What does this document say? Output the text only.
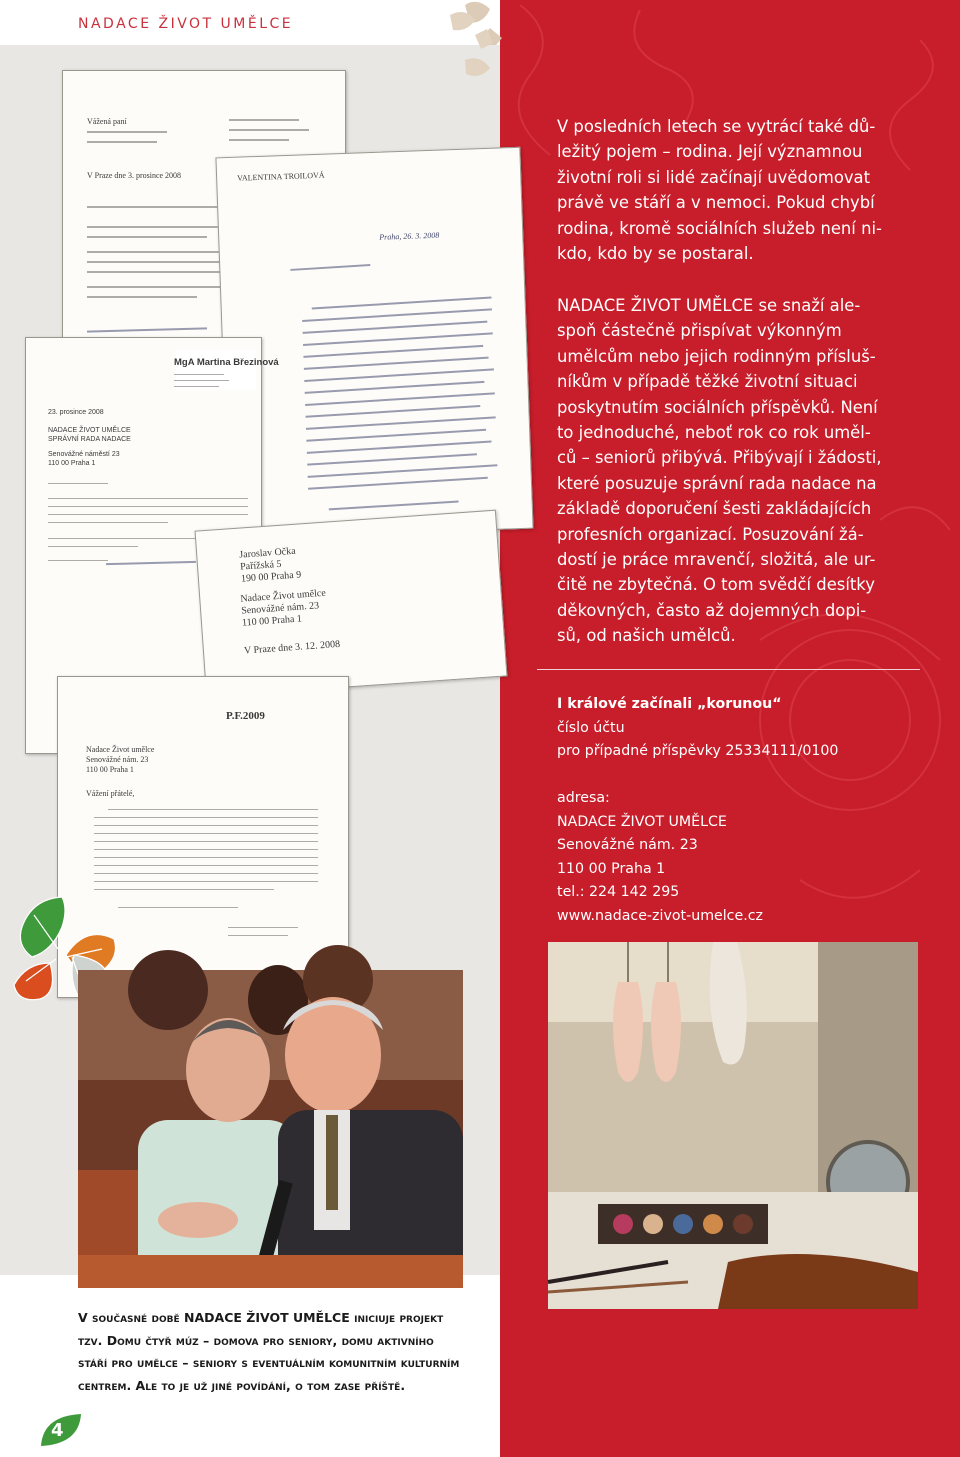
NADACE ŽIVOT UMĚLCE
Vážená paní
V Praze dne 3. prosince 2008	VALENTINA TROILOVÁ
Praha, 26. 3. 2008
MgA Martina Březinová
23. prosince 2008
NADACE ŽIVOT UMĚLCE
SPRÁVNÍ RADA NADACE
Senovážné náměstí 23
110 00 Praha 1
Jaroslav Očka
Pařížská 5
190 00 Praha 9
Nadace Život umělce
Senovážné nám. 23
110 00 Praha 1
V Praze dne 3. 12. 2008
P.F.2009
Nadace Život umělce
Senovážné nám. 23
110 00 Praha 1
Vážení přátelé,

V posledních letech se vytrácí také dů-

ležitý pojem – rodina. Její významnou

životní roli si lidé začínají uvědomovat

právě ve stáří a v nemoci. Pokud chybí

rodina, kromě sociálních služeb není ni-

kdo, kdo by se postaral.

NADACE ŽIVOT UMĚLCE se snaží ale-

spoň částečně přispívat výkonným

umělcům nebo jejich rodinným přísluš-

níkům v případě těžké životní situaci

poskytnutím sociálních příspěvků. Není

to jednoduché, neboť rok co rok uměl-

ců – seniorů přibývá. Přibývají i žádosti,

které posuzuje správní rada nadace na

základě doporučení šesti zakládajících

profesních organizací. Posuzování žá-

dostí je práce mravenčí, složitá, ale ur-

čitě ne zbytečná. O tom svědčí desítky

děkovných, často až dojemných dopi-

sů, od našich umělců.

I králové začínali „korunou“
číslo účtu
pro případné příspěvky 25334111/0100
adresa:
NADACE ŽIVOT UMĚLCE
Senovážné nám. 23
110 00 Praha 1
tel.: 224 142 295
www.nadace-zivot-umelce.cz
V současné době NADACE ŽIVOT UMĚLCE iniciuje projekt
tzv. Domu čtyř múz – domova pro seniory, domu aktivního
stáří pro umělce – seniory s eventuálním komunitním kulturním
centrem. Ale to je už jiné povídání, o tom zase příště.
4
